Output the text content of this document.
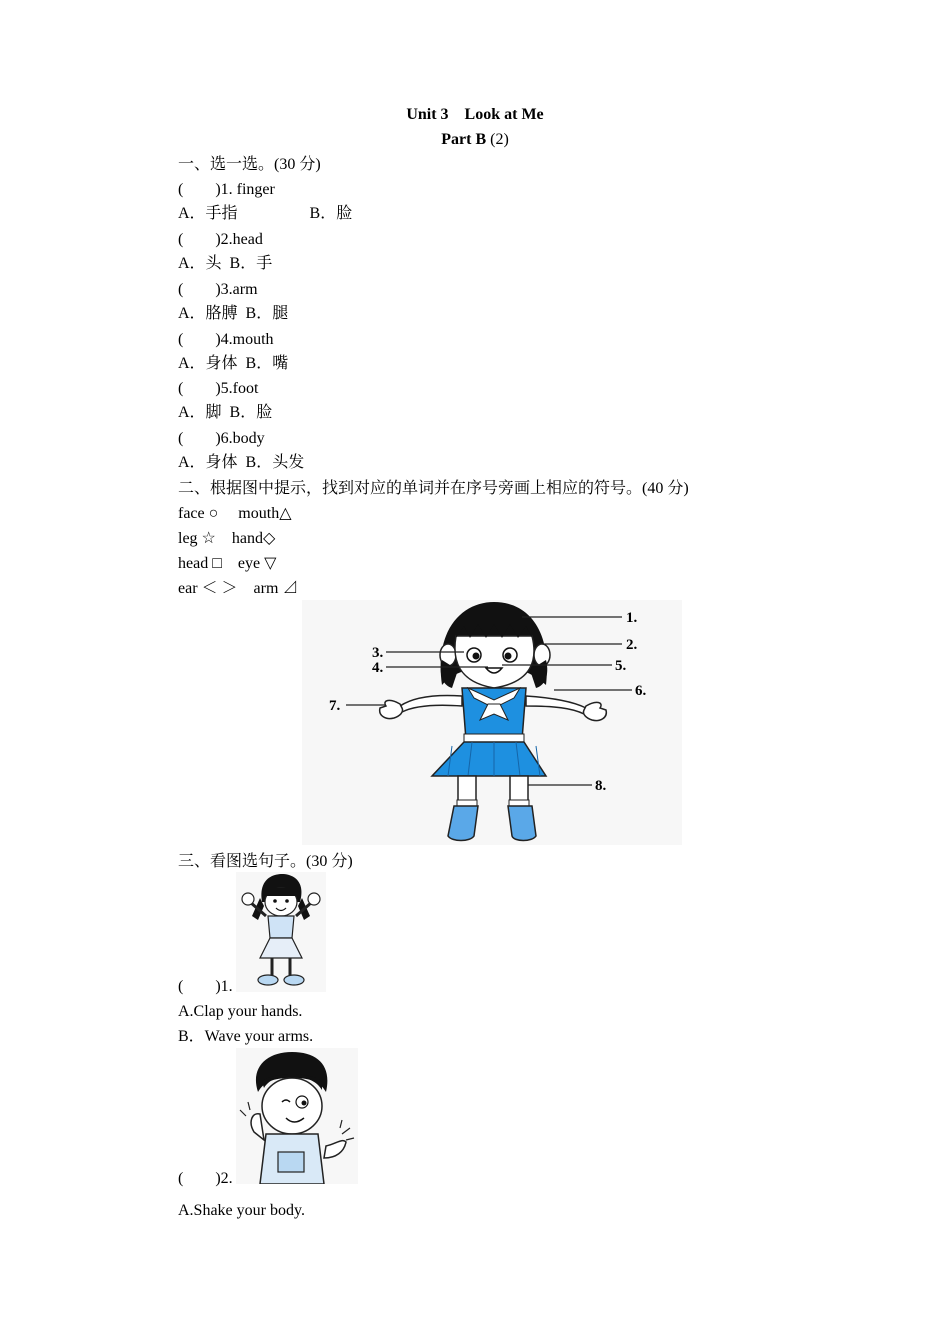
Unit 3　Look at Me
Part B (2)
一、选一选。(30 分)
(　　)1. finger
A．手指　　　　  B．脸
(　　)2.head
A．头  B．手
(　　)3.arm
A．胳膊  B．腿
(　　)4.mouth
A．身体  B．嘴
(　　)5.foot
A．脚  B．脸
(　　)6.body
A．身体  B．头发
二、根据图中提示，找到对应的单词并在序号旁画上相应的符号。(40 分)
face ○　 mouth△
leg ☆　hand◇
head □　eye ▽
ear ＜ ＞　arm ⊿
1.
2.
3.
4.	5.
6.
7.
8.
三、看图选句子。(30 分)
(　　)1.
A.Clap your hands.
B．Wave your arms.
(　　)2.
A.Shake your body.
